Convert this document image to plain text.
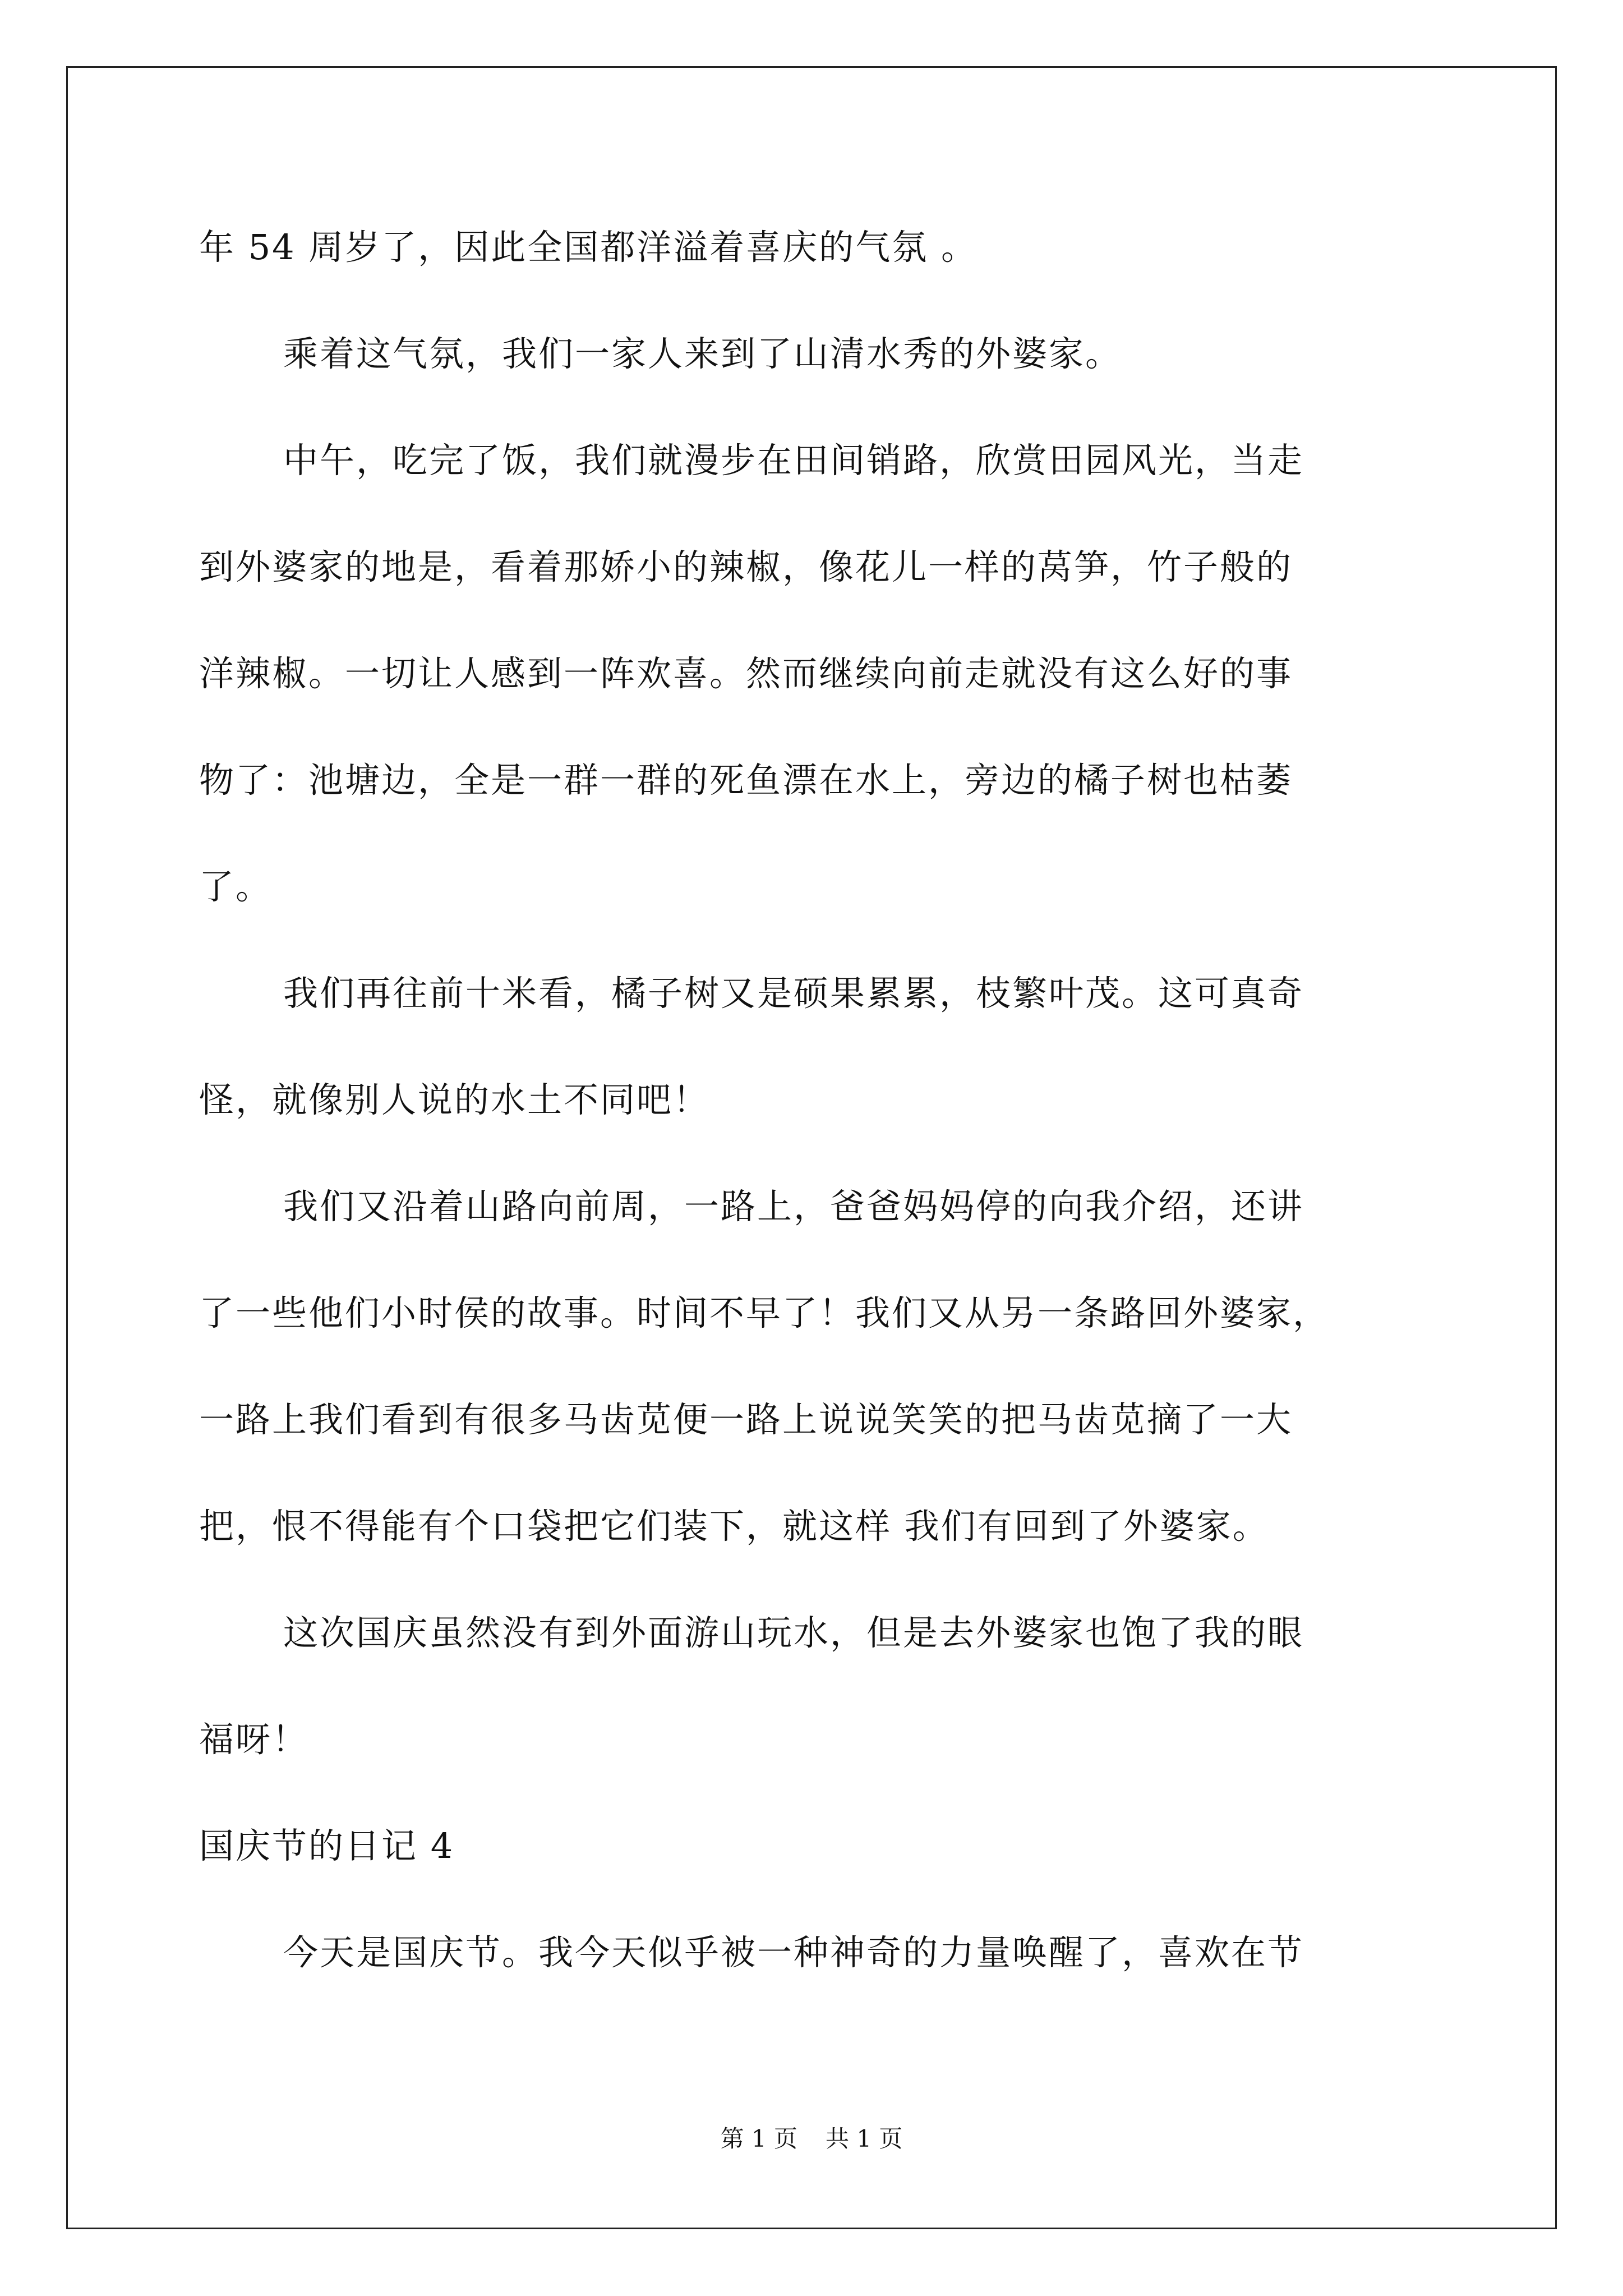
年 54 周岁了，因此全国都洋溢着喜庆的气氛 。
乘着这气氛，我们一家人来到了山清水秀的外婆家。
中午，吃完了饭，我们就漫步在田间销路，欣赏田园风光，当走
到外婆家的地是，看着那娇小的辣椒，像花儿一样的莴笋，竹子般的
洋辣椒。一切让人感到一阵欢喜。然而继续向前走就没有这么好的事
物了：池塘边，全是一群一群的死鱼漂在水上，旁边的橘子树也枯萎
了。
我们再往前十米看，橘子树又是硕果累累，枝繁叶茂。这可真奇
怪，就像别人说的水土不同吧！
我们又沿着山路向前周，一路上，爸爸妈妈停的向我介绍，还讲
了一些他们小时侯的故事。时间不早了！我们又从另一条路回外婆家，
一路上我们看到有很多马齿苋便一路上说说笑笑的把马齿苋摘了一大
把，恨不得能有个口袋把它们装下，就这样 我们有回到了外婆家。
这次国庆虽然没有到外面游山玩水，但是去外婆家也饱了我的眼
福呀！
国庆节的日记 4
今天是国庆节。我今天似乎被一种神奇的力量唤醒了，喜欢在节
第 1 页 共 1 页
